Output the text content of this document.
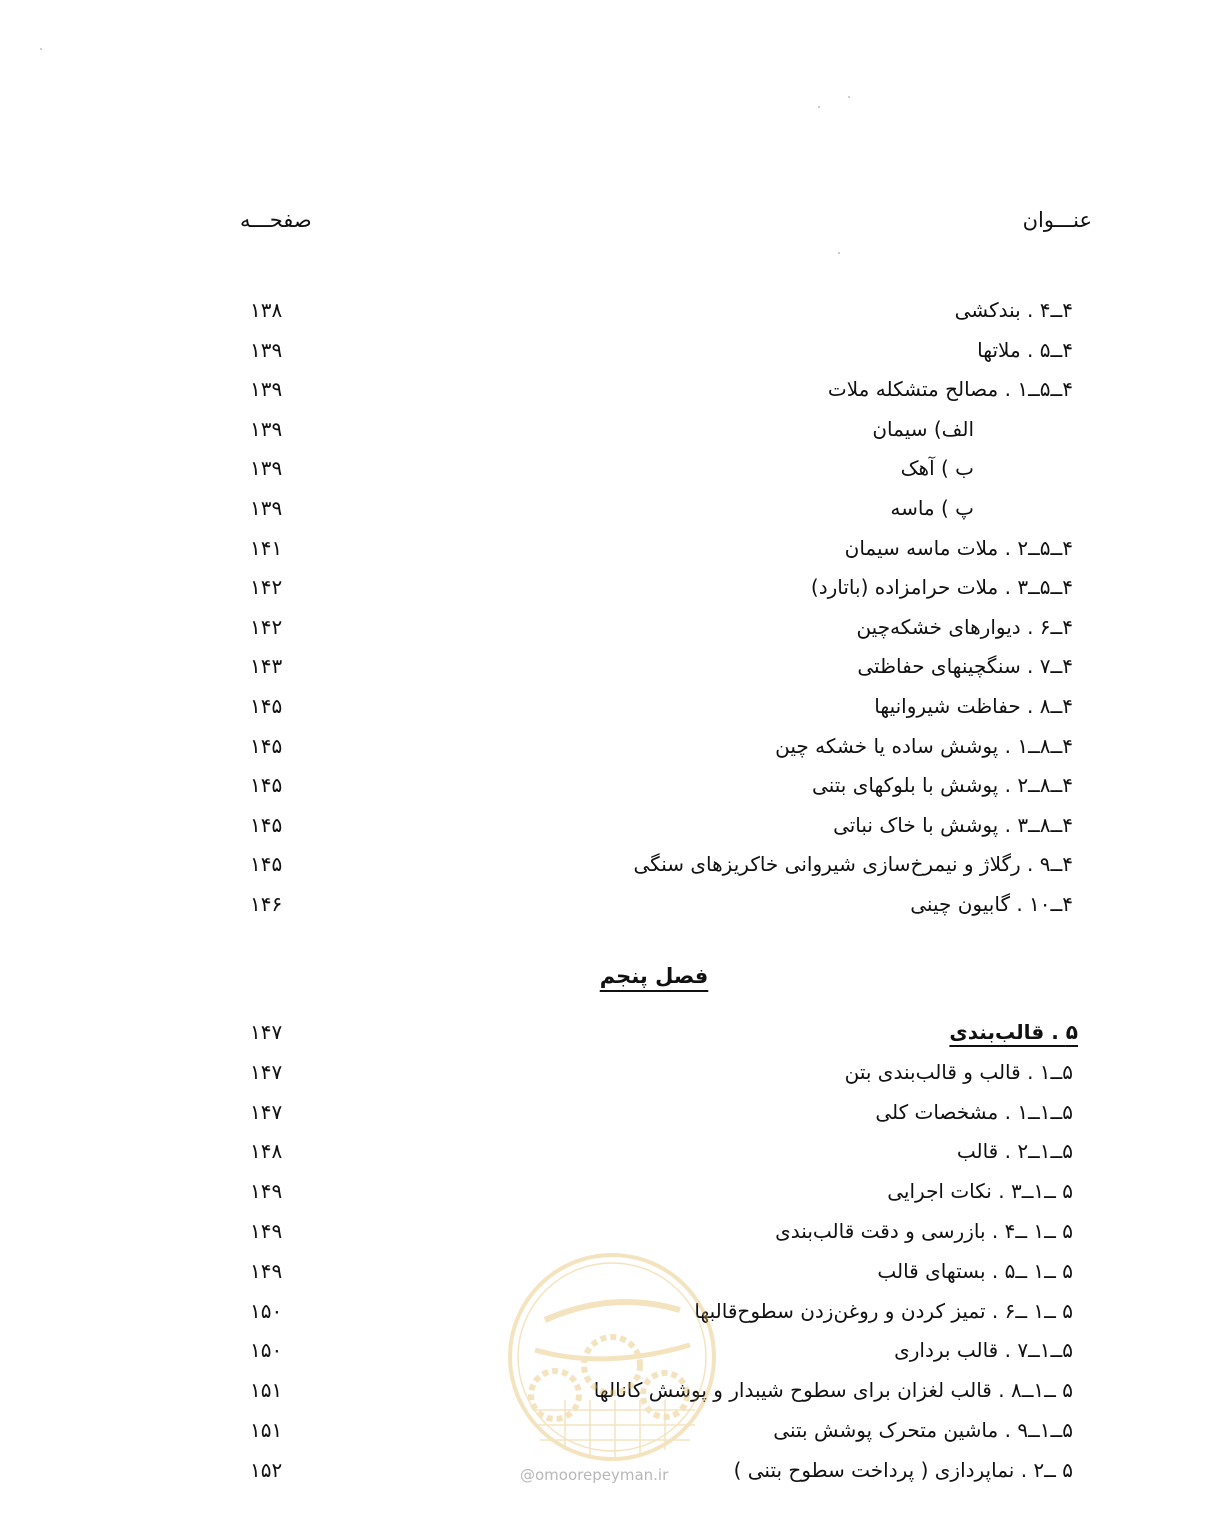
عنـــوان
صفحـــه
۴ــ۴ . بندکشی
۱۳۸
۴ــ۵ . ملاتها
۱۳۹
۴ــ۵ــ۱ . مصالح متشکله ملات
۱۳۹
الف) سیمان
۱۳۹
ب ) آهک
۱۳۹
پ ) ماسه
۱۳۹
۴ــ۵ــ۲ . ملات ماسه سیمان
۱۴۱
۴ــ۵ــ۳ . ملات حرامزاده (باتارد)
۱۴۲
۴ــ۶ . دیوارهای خشکه‌چین
۱۴۲
۴ــ۷ . سنگچینهای حفاظتی
۱۴۳
۴ــ۸ . حفاظت شیروانیها
۱۴۵
۴ــ۸ــ۱ . پوشش ساده یا خشکه چین
۱۴۵
۴ــ۸ــ۲ . پوشش با بلوکهای بتنی
۱۴۵
۴ــ۸ــ۳ . پوشش با خاک نباتی
۱۴۵
۴ــ۹ . رگلاژ و نیمرخ‌سازی شیروانی خاکریزهای سنگی
۱۴۵
۴ــ۱۰ . گابیون چینی
۱۴۶
فصل پنجم
۵ . قالب‌بندی
۱۴۷
۵ــ۱ . قالب و قالب‌بندی بتن
۱۴۷
۵ــ۱ــ۱ . مشخصات کلی
۱۴۷
۵ــ۱ــ۲ . قالب
۱۴۸
۵ ــ۱ــ۳ . نکات اجرایی
۱۴۹
۵ ــ۱ ــ۴ . بازرسی و دقت قالب‌بندی
۱۴۹
۵ ــ۱ ــ۵ . بستهای قالب
۱۴۹
۵ ــ۱ ــ۶ . تمیز کردن و روغن‌زدن سطوح‌قالبها
۱۵۰
۵ــ۱ــ۷ . قالب برداری
۱۵۰
۵ ــ۱ــ۸ . قالب لغزان برای سطوح شیبدار و پوشش کانالها
۱۵۱
۵ــ۱ــ۹ . ماشین متحرک پوشش بتنی
۱۵۱
۵ ــ۲ . نماپردازی ( پرداخت سطوح بتنی )
۱۵۲	@omoorepeyman.ir
